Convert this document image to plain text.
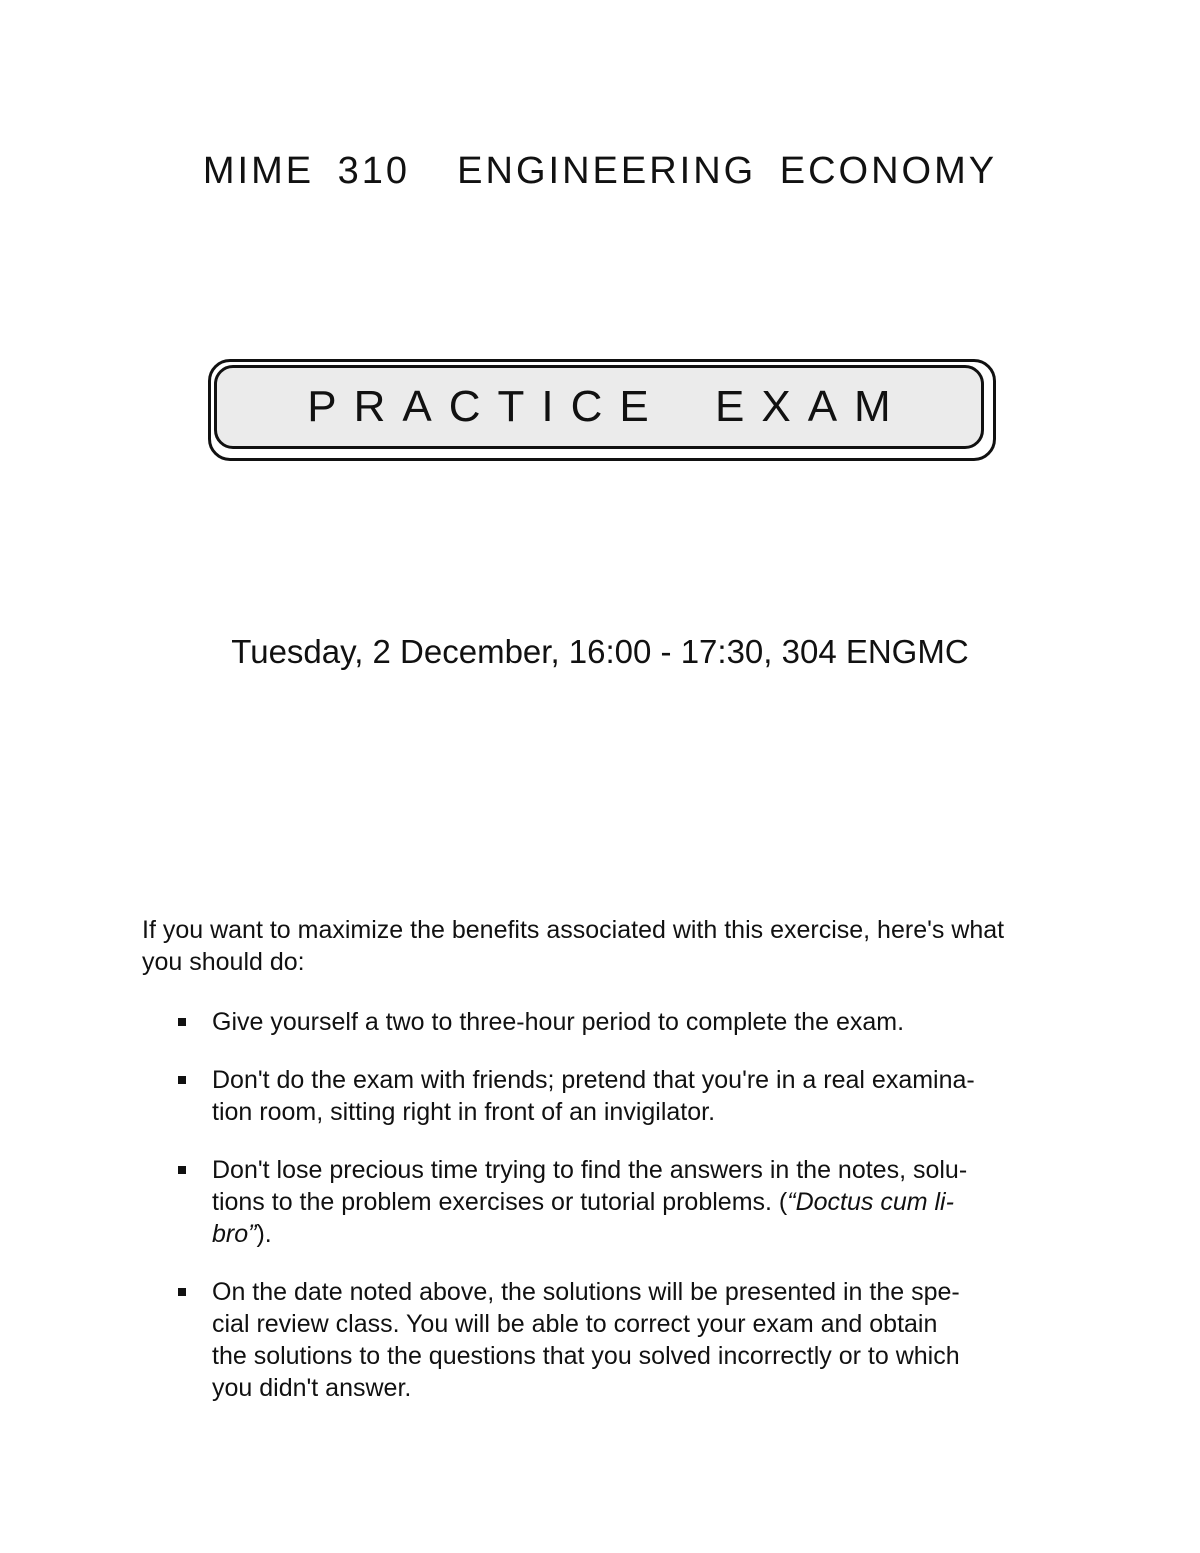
MIME 310  ENGINEERING ECONOMY
PRACTICE EXAM
Tuesday, 2 December, 16:00 - 17:30, 304 ENGMC

If you want to maximize the benefits associated with this exercise, here's what you should do:

Give yourself a two to three-hour period to complete the exam.
Don't do the exam with friends; pretend that you're in a real examina-
tion room, sitting right in front of an invigilator.
Don't lose precious time trying to find the answers in the notes, solu-
tions to the problem exercises or tutorial problems. (“Doctus cum li-
bro”).
On the date noted above, the solutions will be presented in the spe-
cial review class. You will be able to correct your exam and obtain
the solutions to the questions that you solved incorrectly or to which
you didn't answer.
